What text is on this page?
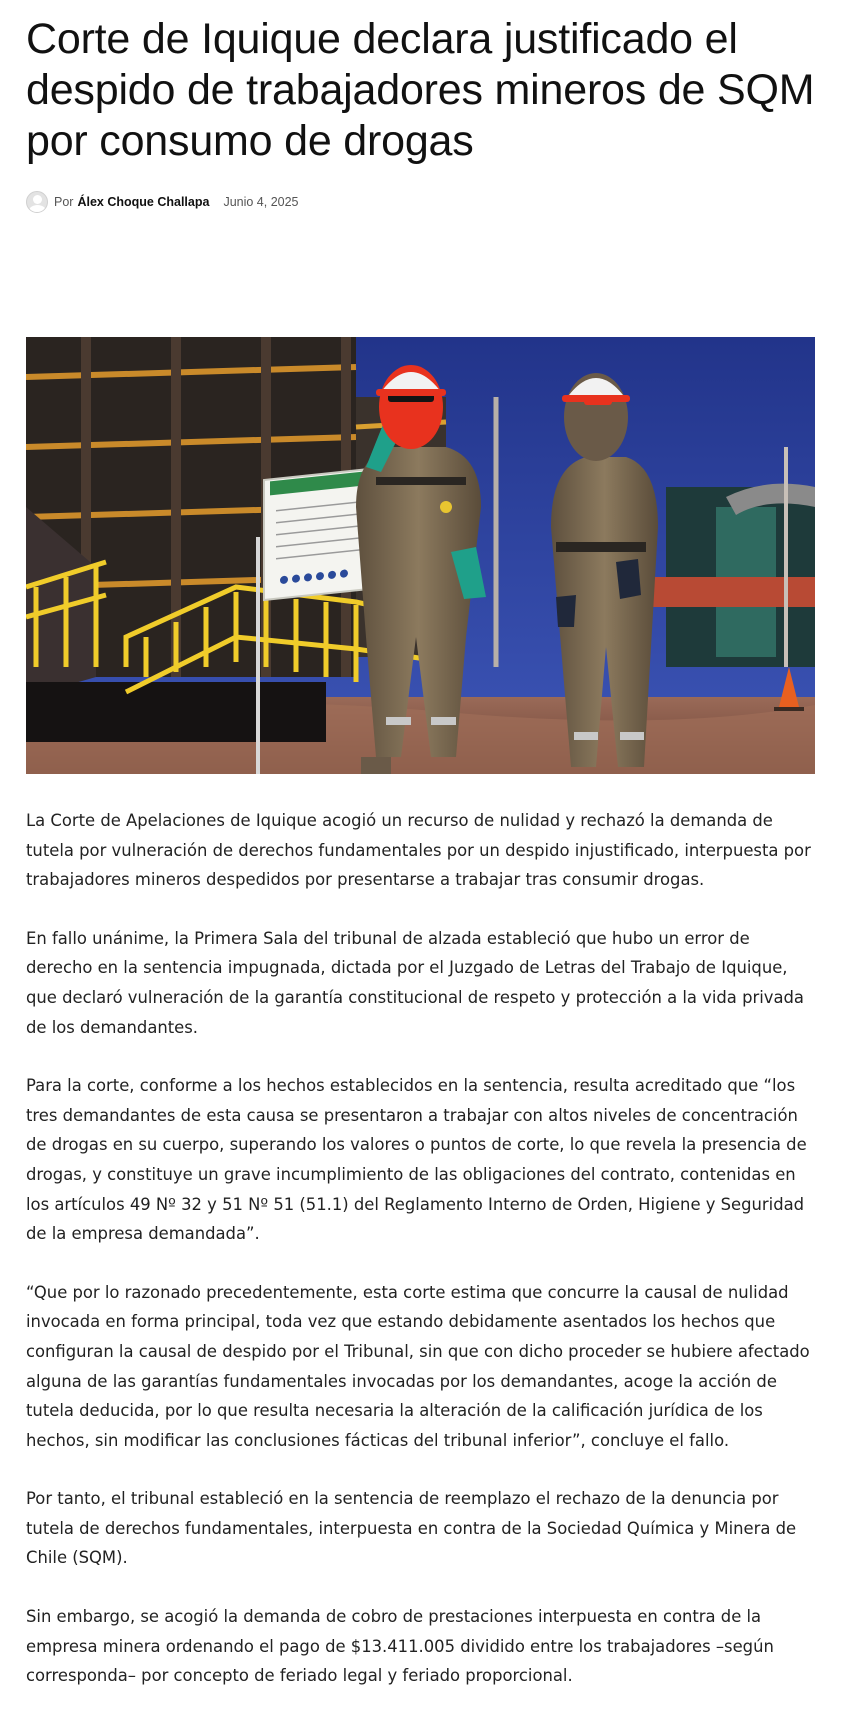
Corte de Iquique declara justificado el despido de trabajadores mineros de SQM por consumo de drogas
Por Álex Choque Challapa Junio 4, 2025

La Corte de Apelaciones de Iquique acogió un recurso de nulidad y rechazó la demanda de tutela por vulneración de derechos fundamentales por un despido injustificado, interpuesta por trabajadores mineros despedidos por presentarse a trabajar tras consumir drogas.

En fallo unánime, la Primera Sala del tribunal de alzada estableció que hubo un error de derecho en la sentencia impugnada, dictada por el Juzgado de Letras del Trabajo de Iquique, que declaró vulneración de la garantía constitucional de respeto y protección a la vida privada de los demandantes.

Para la corte, conforme a los hechos establecidos en la sentencia, resulta acreditado que “los tres demandantes de esta causa se presentaron a trabajar con altos niveles de concentración de drogas en su cuerpo, superando los valores o puntos de corte, lo que revela la presencia de drogas, y constituye un grave incumplimiento de las obligaciones del contrato, contenidas en los artículos 49 Nº 32 y 51 Nº 51 (51.1) del Reglamento Interno de Orden, Higiene y Seguridad de la empresa demandada”.

“Que por lo razonado precedentemente, esta corte estima que concurre la causal de nulidad invocada en forma principal, toda vez que estando debidamente asentados los hechos que configuran la causal de despido por el Tribunal, sin que con dicho proceder se hubiere afectado alguna de las garantías fundamentales invocadas por los demandantes, acoge la acción de tutela deducida, por lo que resulta necesaria la alteración de la calificación jurídica de los hechos, sin modificar las conclusiones fácticas del tribunal inferior”, concluye el fallo.

Por tanto, el tribunal estableció en la sentencia de reemplazo el rechazo de la denuncia por tutela de derechos fundamentales, interpuesta en contra de la Sociedad Química y Minera de Chile (SQM).

Sin embargo, se acogió la demanda de cobro de prestaciones interpuesta en contra de la empresa minera ordenando el pago de $13.411.005 dividido entre los trabajadores –según corresponda– por concepto de feriado legal y feriado proporcional.
